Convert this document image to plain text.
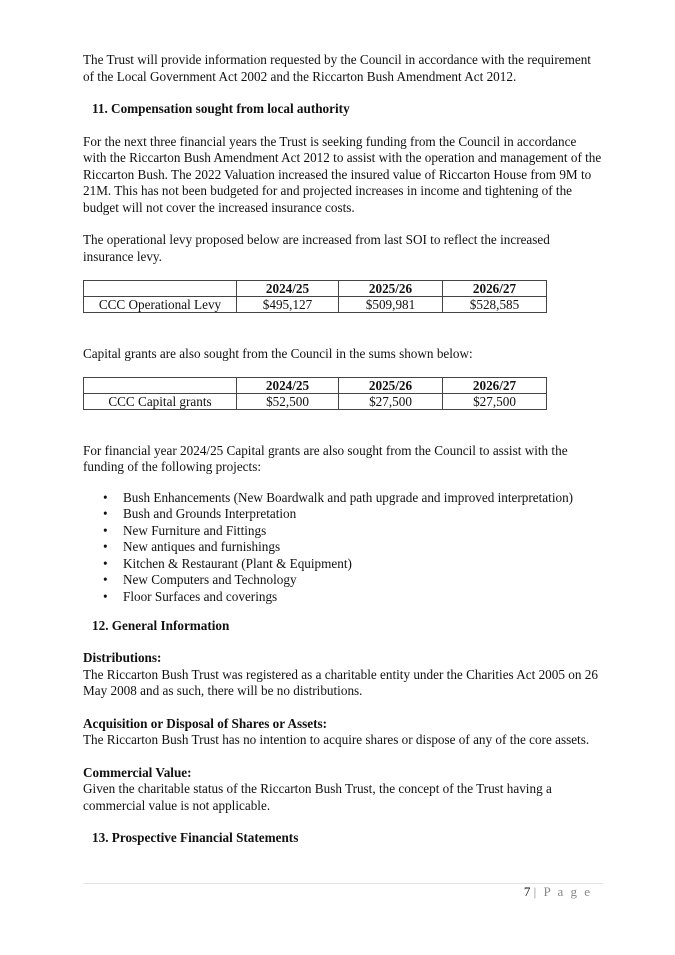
The Trust will provide information requested by the Council in accordance with the requirement of the Local Government Act 2002 and the Riccarton Bush Amendment Act 2012.

11. Compensation sought from local authority

For the next three financial years the Trust is seeking funding from the Council in accordance with the Riccarton Bush Amendment Act 2012 to assist with the operation and management of the Riccarton Bush. The 2022 Valuation increased the insured value of Riccarton House from 9M to 21M. This has not been budgeted for and projected increases in income and tightening of the budget will not cover the increased insurance costs.

The operational levy proposed below are increased from last SOI to reflect the increased insurance levy.

	2024/25	2025/26	2026/27
CCC Operational Levy	$495,127	$509,981	$528,585

Capital grants are also sought from the Council in the sums shown below:

	2024/25	2025/26	2026/27
CCC Capital grants	$52,500	$27,500	$27,500

For financial year 2024/25 Capital grants are also sought from the Council to assist with the funding of the following projects:

• Bush Enhancements (New Boardwalk and path upgrade and improved interpretation)
• Bush and Grounds Interpretation
• New Furniture and Fittings
• New antiques and furnishings
• Kitchen & Restaurant (Plant & Equipment)
• New Computers and Technology
• Floor Surfaces and coverings
12. General Information

Distributions:

The Riccarton Bush Trust was registered as a charitable entity under the Charities Act 2005 on 26 May 2008 and as such, there will be no distributions.

Acquisition or Disposal of Shares or Assets:

The Riccarton Bush Trust has no intention to acquire shares or dispose of any of the core assets.

Commercial Value:

Given the charitable status of the Riccarton Bush Trust, the concept of the Trust having a commercial value is not applicable.

13. Prospective Financial Statements
7 | P a g e
